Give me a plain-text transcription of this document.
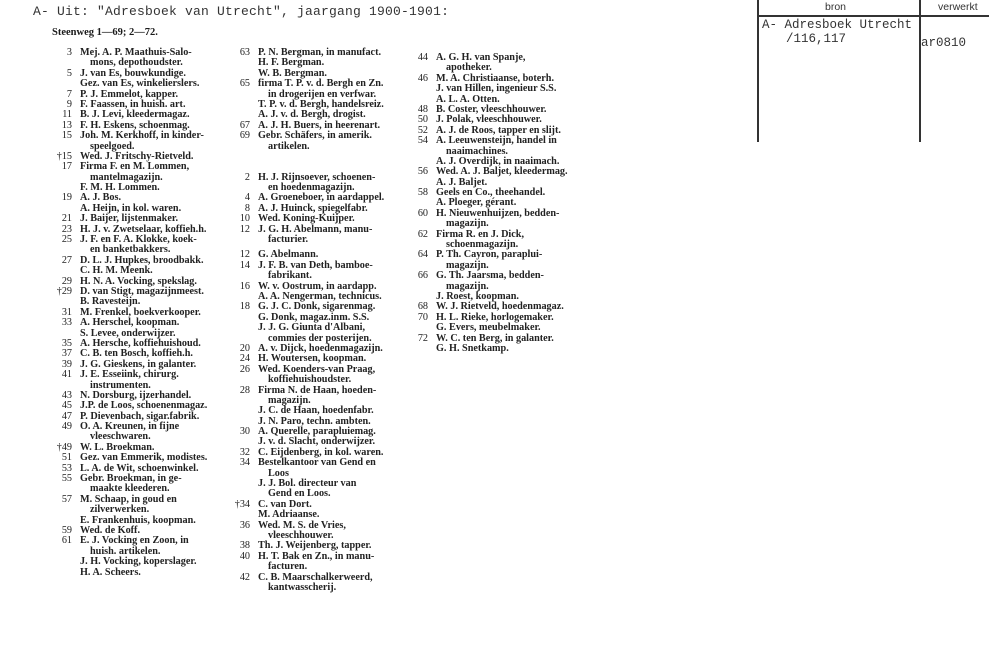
A- Uit: "Adresboek van Utrecht", jaargang 1900-1901:
Steenweg 1—69; 2—72.
3 Mej. A. P. Maathuis-Salo-
mons, depothoudster.
5 J. van Es, bouwkundige.
Gez. van Es, winkelierslers.
7 P. J. Emmelot, kapper.
9 F. Faassen, in huish. art.
11 B. J. Levi, kleedermagaz.
13 F. H. Eskens, schoenmag.
15 Joh. M. Kerkhoff, in kinder-
speelgoed.
†15 Wed. J. Fritschy-Rietveld.
17 Firma F. en M. Lommen,
mantelmagazijn.
F. M. H. Lommen.
19 A. J. Bos.
A. Heijn, in kol. waren.
21 J. Baijer, lijstenmaker.
23 H. J. v. Zwetselaar, koffieh.h.
25 J. F. en F. A. Klokke, koek-
en banketbakkers.
27 D. L. J. Hupkes, broodbakk.
C. H. M. Meenk.
29 H. N. A. Vocking, spekslag.
†29 D. van Stigt, magazijnmeest.
B. Ravesteijn.
31 M. Frenkel, boekverkooper.
33 A. Herschel, koopman.
S. Levee, onderwijzer.
35 A. Hersche, koffiehuishoud.
37 C. B. ten Bosch, koffieh.h.
39 J. G. Gieskens, in galanter.
41 J. E. Esseiink, chirurg.
instrumenten.
43 N. Dorsburg, ijzerhandel.
45 J.P. de Loos, schoenenmagaz.
47 P. Dievenbach, sigar.fabrik.
49 O. A. Kreunen, in fijne
vleeschwaren.
†49 W. L. Broekman.
51 Gez. van Emmerik, modistes.
53 L. A. de Wit, schoenwinkel.
55 Gebr. Broekman, in ge-
maakte kleederen.
57 M. Schaap, in goud en
zilverwerken.
E. Frankenhuis, koopman.
59 Wed. de Koff.
61 E. J. Vocking en Zoon, in
huish. artikelen.
J. H. Vocking, koperslager.
H. A. Scheers.
63 P. N. Bergman, in manufact.
H. F. Bergman.
W. B. Bergman.
65 firma T. P. v. d. Bergh en Zn.
in drogerijen en verfwar.
T. P. v. d. Bergh, handelsreiz.
A. J. v. d. Bergh, drogist.
67 A. J. H. Buers, in heerenart.
69 Gebr. Schäfers, in amerik.
artikelen.
2 H. J. Rijnsoever, schoenen-
en hoedenmagazijn.
4 A. Groeneboer, in aardappel.
8 A. J. Huinck, spiegelfabr.
10 Wed. Koning-Kuijper.
12 J. G. H. Abelmann, manu-
facturier.
12 G. Abelmann.
14 J. F. B. van Deth, bamboe-
fabrikant.
16 W. v. Oostrum, in aardapp.
A. A. Nengerman, technicus.
18 G. J. C. Donk, sigarenmag.
G. Donk, magaz.inm. S.S.
J. J. G. Giunta d'Albani,
commies der posterijen.
20 A. v. Dijck, hoedenmagazijn.
24 H. Woutersen, koopman.
26 Wed. Koenders-van Praag,
koffiehuishoudster.
28 Firma N. de Haan, hoeden-
magazijn.
J. C. de Haan, hoedenfabr.
J. N. Paro, techn. ambten.
30 A. Querelle, parapluiemag.
J. v. d. Slacht, onderwijzer.
32 C. Eijdenberg, in kol. waren.
34 Bestelkantoor van Gend en
Loos
J. J. Bol. directeur van
Gend en Loos.
†34 C. van Dort.
M. Adriaanse.
36 Wed. M. S. de Vries,
vleeschhouwer.
38 Th. J. Weijenberg, tapper.
40 H. T. Bak en Zn., in manu-
facturen.
42 C. B. Maarschalkerweerd,
kantwasscherij.
44 A. G. H. van Spanje,
apotheker.
46 M. A. Christiaanse, boterh.
J. van Hillen, ingenieur S.S.
A. L. A. Otten.
48 B. Coster, vleeschhouwer.
50 J. Polak, vleeschhouwer.
52 A. J. de Roos, tapper en slijt.
54 A. Leeuwensteijn, handel in
naaimachines.
A. J. Overdijk, in naaimach.
56 Wed. A. J. Baljet, kleedermag.
A. J. Baljet.
58 Geels en Co., theehandel.
A. Ploeger, gérant.
60 H. Nieuwenhuijzen, bedden-
magazijn.
62 Firma R. en J. Dick,
schoenmagazijn.
64 P. Th. Cayron, paraplui-
magazijn.
66 G. Th. Jaarsma, bedden-
magazijn.
J. Roest, koopman.
68 W. J. Rietveld, hoedenmagaz.
70 H. L. Rieke, horlogemaker.
G. Evers, meubelmaker.
72 W. C. ten Berg, in galanter.
G. H. Snetkamp.
bron	verwerkt
A- Adresboek Utrecht
/116,117	ar0810
